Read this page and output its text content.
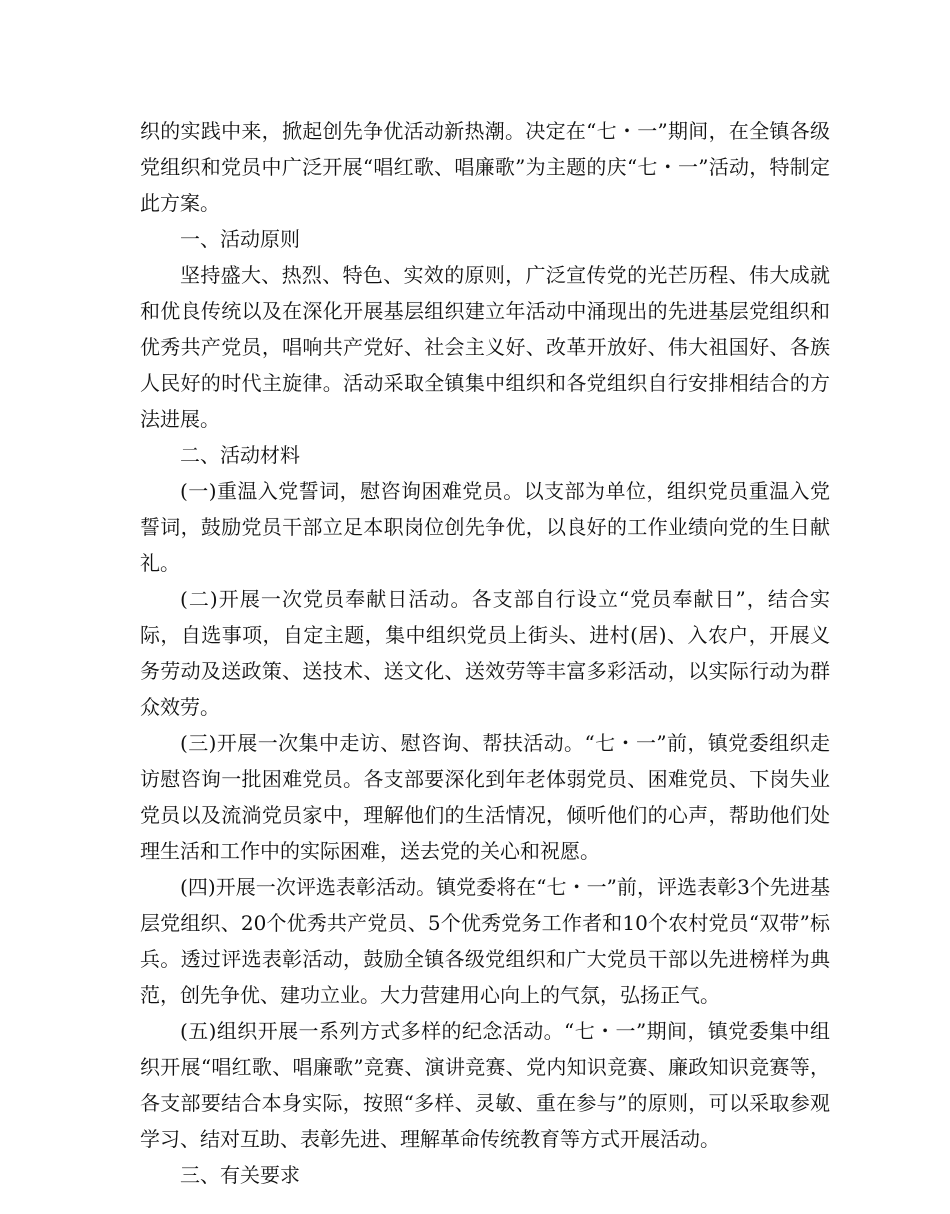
织的实践中来，掀起创先争优活动新热潮。决定在“七・一”期间，在全镇各级党组织和党员中广泛开展“唱红歌、唱廉歌”为主题的庆“七・一”活动，特制定此方案。

一、活动原则

坚持盛大、热烈、特色、实效的原则，广泛宣传党的光芒历程、伟大成就和优良传统以及在深化开展基层组织建立年活动中涌现出的先进基层党组织和优秀共产党员，唱响共产党好、社会主义好、改革开放好、伟大祖国好、各族人民好的时代主旋律。活动采取全镇集中组织和各党组织自行安排相结合的方法进展。

二、活动材料

(一)重温入党誓词，慰咨询困难党员。以支部为单位，组织党员重温入党誓词，鼓励党员干部立足本职岗位创先争优，以良好的工作业绩向党的生日献礼。

(二)开展一次党员奉献日活动。各支部自行设立“党员奉献日”，结合实际，自选事项，自定主题，集中组织党员上街头、进村(居)、入农户，开展义务劳动及送政策、送技术、送文化、送效劳等丰富多彩活动，以实际行动为群众效劳。

(三)开展一次集中走访、慰咨询、帮扶活动。“七・一”前，镇党委组织走访慰咨询一批困难党员。各支部要深化到年老体弱党员、困难党员、下岗失业党员以及流淌党员家中，理解他们的生活情况，倾听他们的心声，帮助他们处理生活和工作中的实际困难，送去党的关心和祝愿。

(四)开展一次评选表彰活动。镇党委将在“七・一”前，评选表彰3个先进基层党组织、20个优秀共产党员、5个优秀党务工作者和10个农村党员“双带”标兵。透过评选表彰活动，鼓励全镇各级党组织和广大党员干部以先进榜样为典范，创先争优、建功立业。大力营建用心向上的气氛，弘扬正气。

(五)组织开展一系列方式多样的纪念活动。“七・一”期间，镇党委集中组织开展“唱红歌、唱廉歌”竞赛、演讲竞赛、党内知识竞赛、廉政知识竞赛等，各支部要结合本身实际，按照“多样、灵敏、重在参与”的原则，可以采取参观学习、结对互助、表彰先进、理解革命传统教育等方式开展活动。

三、有关要求
